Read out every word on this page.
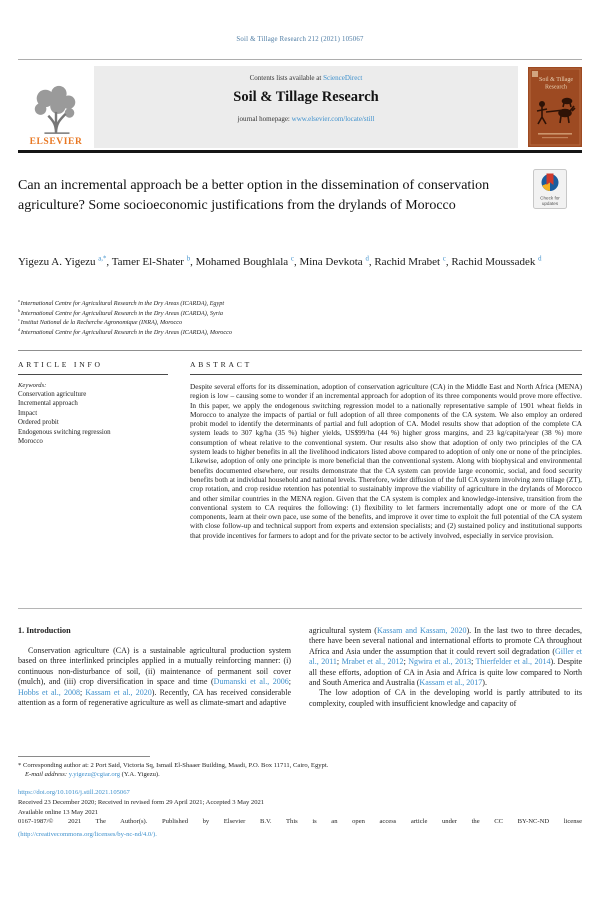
Soil & Tillage Research 212 (2021) 105067
ELSEVIER
Contents lists available at ScienceDirect
Soil & Tillage Research
journal homepage: www.elsevier.com/locate/still
Soil & Tillage
Research
Can an incremental approach be a better option in the dissemination of conservation agriculture? Some socioeconomic justifications from the drylands of Morocco	Check for
updates
Yigezu A. Yigezu $^{a,*}$, Tamer El-Shater $^b$, Mohamed Boughlala $^c$, Mina Devkota $^d$, Rachid Mrabet $^c$, Rachid Moussadek $^d$
$^a$ International Centre for Agricultural Research in the Dry Areas (ICARDA), Egypt
$^b$ International Centre for Agricultural Research in the Dry Areas (ICARDA), Syria
$^c$ Institut National de la Recherche Agronomique (INRA), Morocco
$^d$ International Centre for Agricultural Research in the Dry Areas (ICARDA), Morocco
ARTICLE INFO
Keywords:
Conservation agriculture
Incremental approach
Impact
Ordered probit
Endogenous switching regression
Morocco
ABSTRACT
Despite several efforts for its dissemination, adoption of conservation agriculture (CA) in the Middle East and North Africa (MENA) region is low – causing some to wonder if an incremental approach for adoption of its three components would prove more effective. In this paper, we apply the endogenous switching regression model to a nationally representative sample of 1901 wheat fields in Morocco to analyze the impacts of partial or full adoption of all three components of the CA system. We also employ an ordered probit model to identify the determinants of partial and full adoption of CA. Model results show that adoption of the complete CA system leads to 307 kg/ha (35 %) higher yields, US$99/ha (44 %) higher gross margins, and 23 kg/capita/year (38 %) more consumption of wheat relative to the conventional system. Our results also show that adoption of only two principles of the CA system leads to higher benefits in all the livelihood indicators listed above compared to adoption of only one or none of the principles. Likewise, adoption of only one principle is more beneficial than the conventional system. Along with biophysical and environmental benefits documented elsewhere, our results demonstrate that the CA system can provide large economic, social, and food security benefits both at individual household and national levels. Therefore, wider diffusion of the full CA system involving zero tillage (ZT), crop rotation, and crop residue retention has potential to sustainably improve the viability of agriculture in the drylands of Morocco and other similar countries in the MENA region. Given that the CA system is complex and knowledge-intensive, transition from the conventional system to CA requires the following: (1) flexibility to let farmers incrementally adopt one or more of the CA components, learn at their own pace, use some of the benefits, and improve it over time to exploit the full potential of the CA system with close follow-up and technical support from experts and extension specialists; and (2) sustained policy and institutional supports that provide incentives for farmers to adopt and for the private sector to be actively involved, especially in service provision.
1. Introduction

Conservation agriculture (CA) is a sustainable agricultural production system based on three interlinked principles applied in a mutually reinforcing manner: (i) continuous non-disturbance of soil, (ii) maintenance of permanent soil cover (mulch), and (iii) crop diversification in space and time (Dumanski et al., 2006; Hobbs et al., 2008; Kassam et al., 2020). Recently, CA has received considerable attention as a form of regenerative agriculture as well as climate-smart and adaptive

agricultural system (Kassam and Kassam, 2020). In the last two to three decades, there have been several national and international efforts to promote CA throughout Africa and Asia under the assumption that it could revert soil degradation (Giller et al., 2011; Mrabet et al., 2012; Ngwira et al., 2013; Thierfelder et al., 2014). Despite all these efforts, adoption of CA in Asia and Africa is quite low compared to North and South America and Australia (Kassam et al., 2017).

The low adoption of CA in the developing world is partly attributed to its complexity, coupled with insufficient knowledge and capacity of

* Corresponding author at: 2 Port Said, Victoria Sq, Ismail El-Shaaer Building, Maadi, P.O. Box 11711, Cairo, Egypt.
E-mail address: y.yigezu@cgiar.org (Y.A. Yigezu).
https://doi.org/10.1016/j.still.2021.105067
Received 23 December 2020; Received in revised form 29 April 2021; Accepted 3 May 2021
Available online 13 May 2021
0167-1987/© 2021 The Author(s). Published by Elsevier B.V. This is an open access article under the CC BY-NC-ND license
(http://creativecommons.org/licenses/by-nc-nd/4.0/).
